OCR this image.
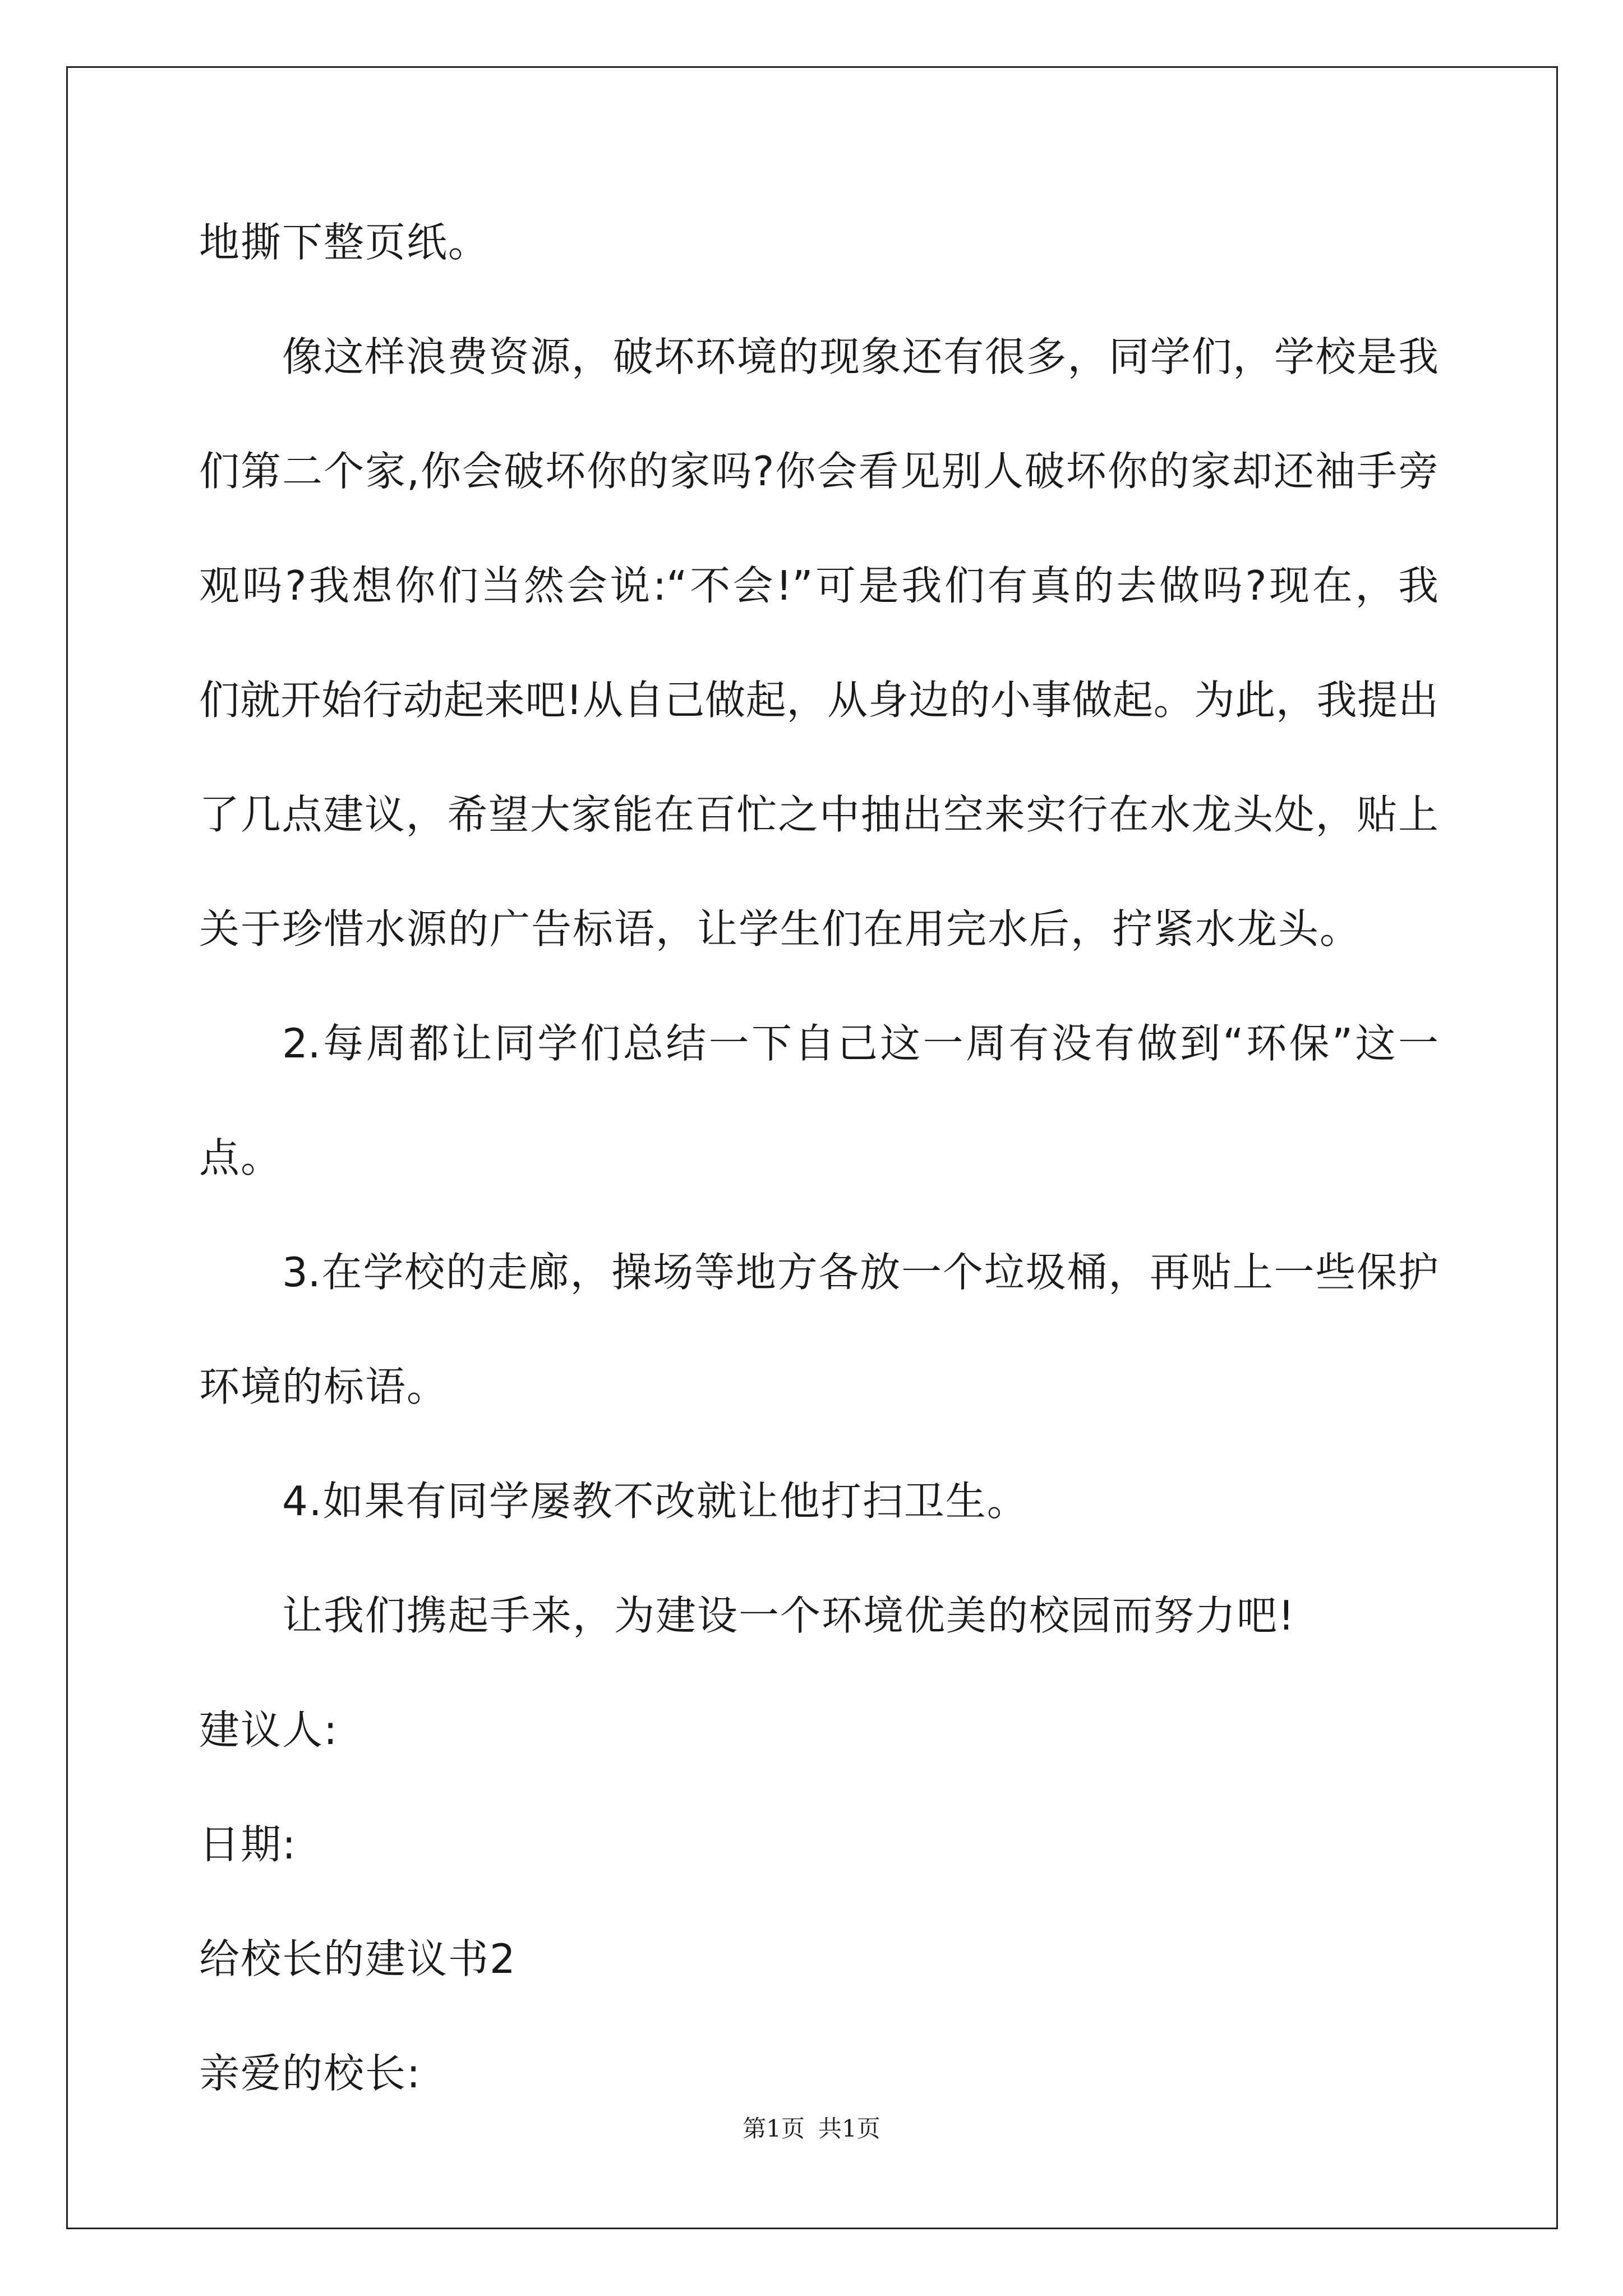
地撕下整页纸。
像这样浪费资源，破坏环境的现象还有很多，同学们，学校是我
们第二个家,你会破坏你的家吗?你会看见别人破坏你的家却还袖手旁
观吗?我想你们当然会说:“不会!”可是我们有真的去做吗?现在，我
们就开始行动起来吧!从自己做起，从身边的小事做起。为此，我提出
了几点建议，希望大家能在百忙之中抽出空来实行在水龙头处，贴上
关于珍惜水源的广告标语，让学生们在用完水后，拧紧水龙头。
2.每周都让同学们总结一下自己这一周有没有做到“环保”这一
点。
3.在学校的走廊，操场等地方各放一个垃圾桶，再贴上一些保护
环境的标语。
4.如果有同学屡教不改就让他打扫卫生。
让我们携起手来，为建设一个环境优美的校园而努力吧!
建议人:
日期:
给校长的建议书2
亲爱的校长:
第1页 共1页
